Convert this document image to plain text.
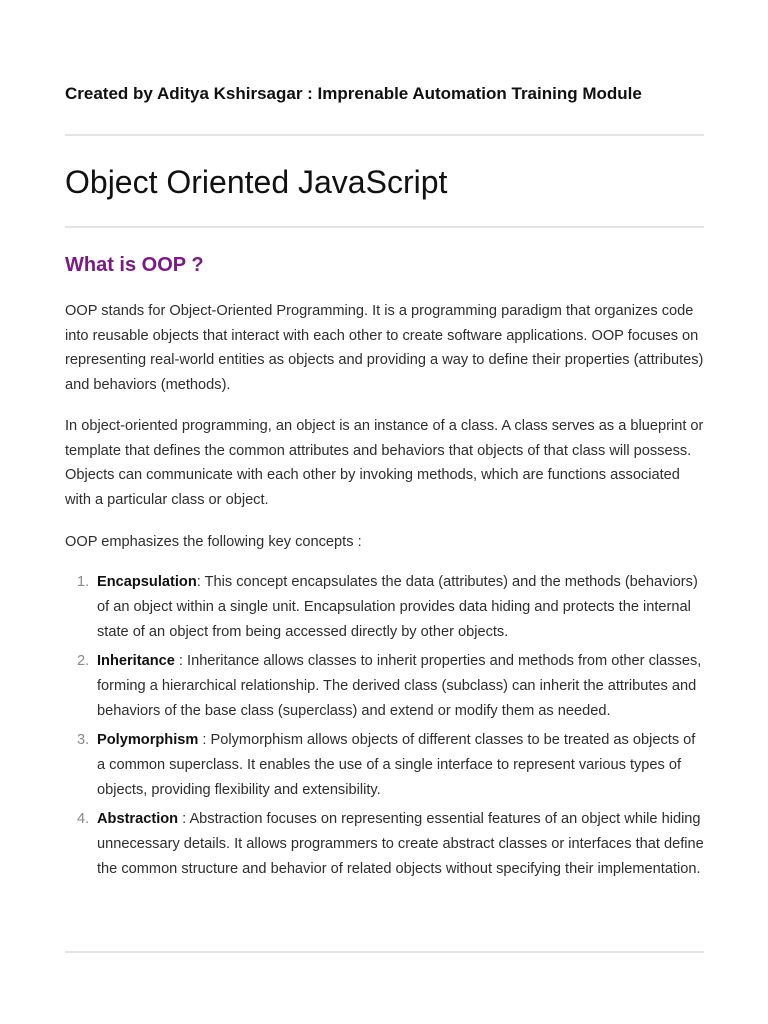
Created by Aditya Kshirsagar : Imprenable Automation Training Module

Object Oriented JavaScript
What is OOP ?

OOP stands for Object-Oriented Programming. It is a programming paradigm that organizes code into reusable objects that interact with each other to create software applications. OOP focuses on representing real-world entities as objects and providing a way to define their properties (attributes) and behaviors (methods).

In object-oriented programming, an object is an instance of a class. A class serves as a blueprint or template that defines the common attributes and behaviors that objects of that class will possess. Objects can communicate with each other by invoking methods, which are functions associated with a particular class or object.

OOP emphasizes the following key concepts :

1. Encapsulation: This concept encapsulates the data (attributes) and the methods (behaviors) of an object within a single unit. Encapsulation provides data hiding and protects the internal state of an object from being accessed directly by other objects.
2. Inheritance : Inheritance allows classes to inherit properties and methods from other classes, forming a hierarchical relationship. The derived class (subclass) can inherit the attributes and behaviors of the base class (superclass) and extend or modify them as needed.
3. Polymorphism : Polymorphism allows objects of different classes to be treated as objects of a common superclass. It enables the use of a single interface to represent various types of objects, providing flexibility and extensibility.
4. Abstraction : Abstraction focuses on representing essential features of an object while hiding unnecessary details. It allows programmers to create abstract classes or interfaces that define the common structure and behavior of related objects without specifying their implementation.
